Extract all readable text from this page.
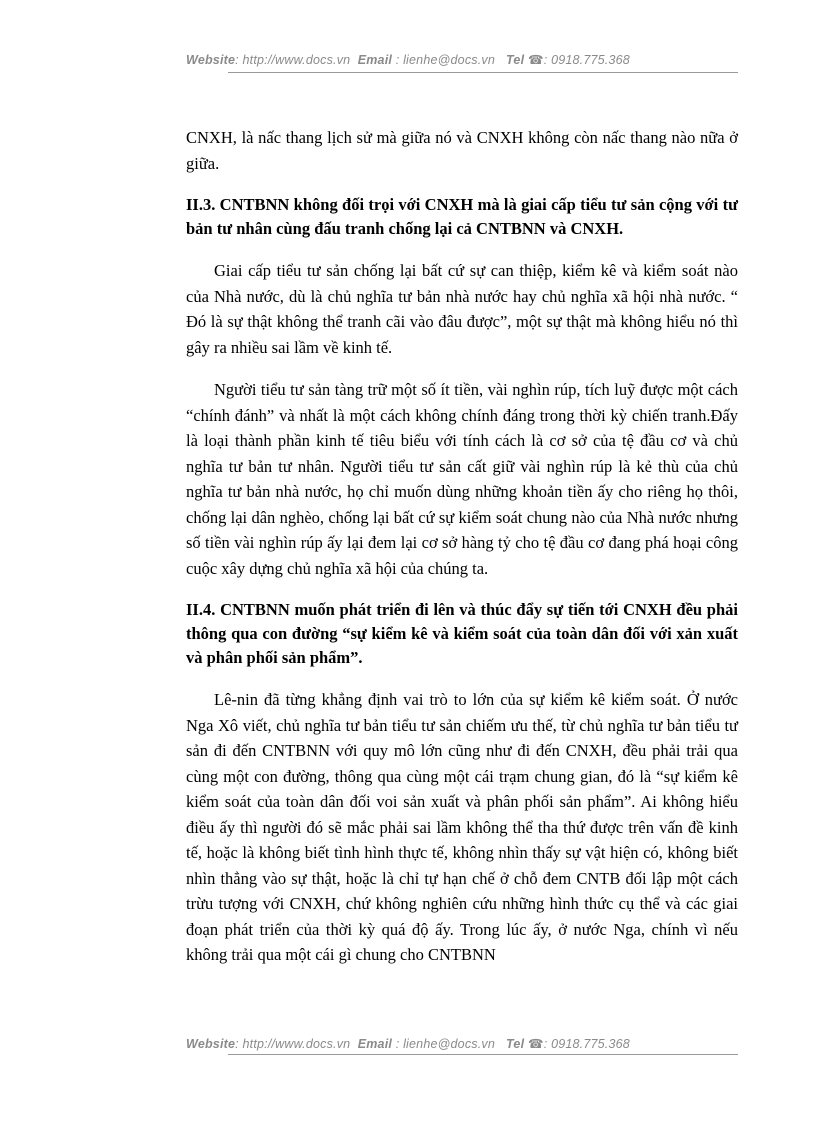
Website: http://www.docs.vn Email : lienhe@docs.vn Tel ☎: 0918.775.368

CNXH, là nấc thang lịch sử mà giữa nó và CNXH không còn nấc thang nào nữa ở giữa.

II.3. CNTBNN không đối trọi với CNXH mà là giai cấp tiểu tư sản cộng với tư bản tư nhân cùng đấu tranh chống lại cả CNTBNN và CNXH.

Giai cấp tiểu tư sản chống lại bất cứ sự can thiệp, kiểm kê và kiểm soát nào của Nhà nước, dù là chủ nghĩa tư bản nhà nước hay chủ nghĩa xã hội nhà nước. “ Đó là sự thật không thể tranh cãi vào đâu được”, một sự thật mà không hiểu nó thì gây ra nhiều sai lầm về kinh tế.

Người tiểu tư sản tàng trữ một số ít tiền, vài nghìn rúp, tích luỹ được một cách “chính đánh” và nhất là một cách không chính đáng trong thời kỳ chiến tranh.Đấy là loại thành phần kinh tế tiêu biểu với tính cách là cơ sở của tệ đầu cơ và chủ nghĩa tư bản tư nhân. Người tiểu tư sản cất giữ vài nghìn rúp là kẻ thù của chủ nghĩa tư bản nhà nước, họ chỉ muốn dùng những khoản tiền ấy cho riêng họ thôi, chống lại dân nghèo, chống lại bất cứ sự kiểm soát chung nào của Nhà nước nhưng số tiền vài nghìn rúp ấy lại đem lại cơ sở hàng tỷ cho tệ đầu cơ đang phá hoại công cuộc xây dựng chủ nghĩa xã hội của chúng ta.

II.4. CNTBNN muốn phát triển đi lên và thúc đẩy sự tiến tới CNXH đều phải thông qua con đường “sự kiểm kê và kiểm soát của toàn dân đối với xản xuất và phân phối sản phẩm”.

Lê-nin đã từng khẳng định vai trò to lớn của sự kiểm kê kiểm soát. Ở nước Nga Xô viết, chủ nghĩa tư bản tiểu tư sản chiếm ưu thế, từ chủ nghĩa tư bản tiểu tư sản đi đến CNTBNN với quy mô lớn cũng như đi đến CNXH, đều phải trải qua cùng một con đường, thông qua cùng một cái trạm chung gian, đó là “sự kiểm kê kiểm soát của toàn dân đối voi sản xuất và phân phối sản phẩm”. Ai không hiểu điều ấy thì người đó sẽ mắc phải sai lầm không thể tha thứ được trên vấn đề kinh tế, hoặc là không biết tình hình thực tế, không nhìn thấy sự vật hiện có, không biết nhìn thẳng vào sự thật, hoặc là chỉ tự hạn chế ở chỗ đem CNTB đối lập một cách trừu tượng với CNXH, chứ không nghiên cứu những hình thức cụ thể và các giai đoạn phát triển của thời kỳ quá độ ấy. Trong lúc ấy, ở nước Nga, chính vì nếu không trải qua một cái gì chung cho CNTBNN

Website: http://www.docs.vn Email : lienhe@docs.vn Tel ☎: 0918.775.368
